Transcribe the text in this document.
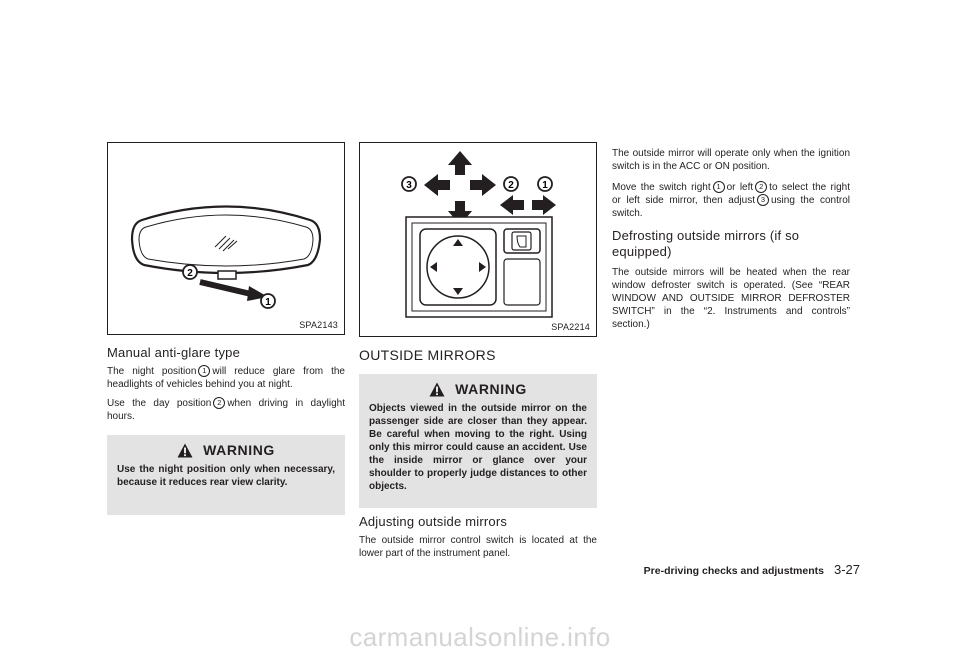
2
1
SPA2143
Manual anti-glare type

The night position 1 will reduce glare from the headlights of vehicles behind you at night.

Use the day position 2 when driving in daylight hours.

WARNING

Use the night position only when necessary, because it reduces rear view clarity.

3	2	1
SPA2214
OUTSIDE MIRRORS
WARNING

Objects viewed in the outside mirror on the passenger side are closer than they appear. Be careful when moving to the right. Using only this mirror could cause an accident. Use the inside mirror or glance over your shoulder to properly judge distances to other objects.

Adjusting outside mirrors

The outside mirror control switch is located at the lower part of the instrument panel.

The outside mirror will operate only when the ignition switch is in the ACC or ON position.

Move the switch right 1 or left 2 to select the right or left side mirror, then adjust 3 using the control switch.

Defrosting outside mirrors (if so equipped)

The outside mirrors will be heated when the rear window defroster switch is operated. (See “REAR WINDOW AND OUTSIDE MIRROR DEFROSTER SWITCH” in the “2. Instruments and controls” section.)

Pre-driving checks and adjustments 3-27
carmanualsonline.info
